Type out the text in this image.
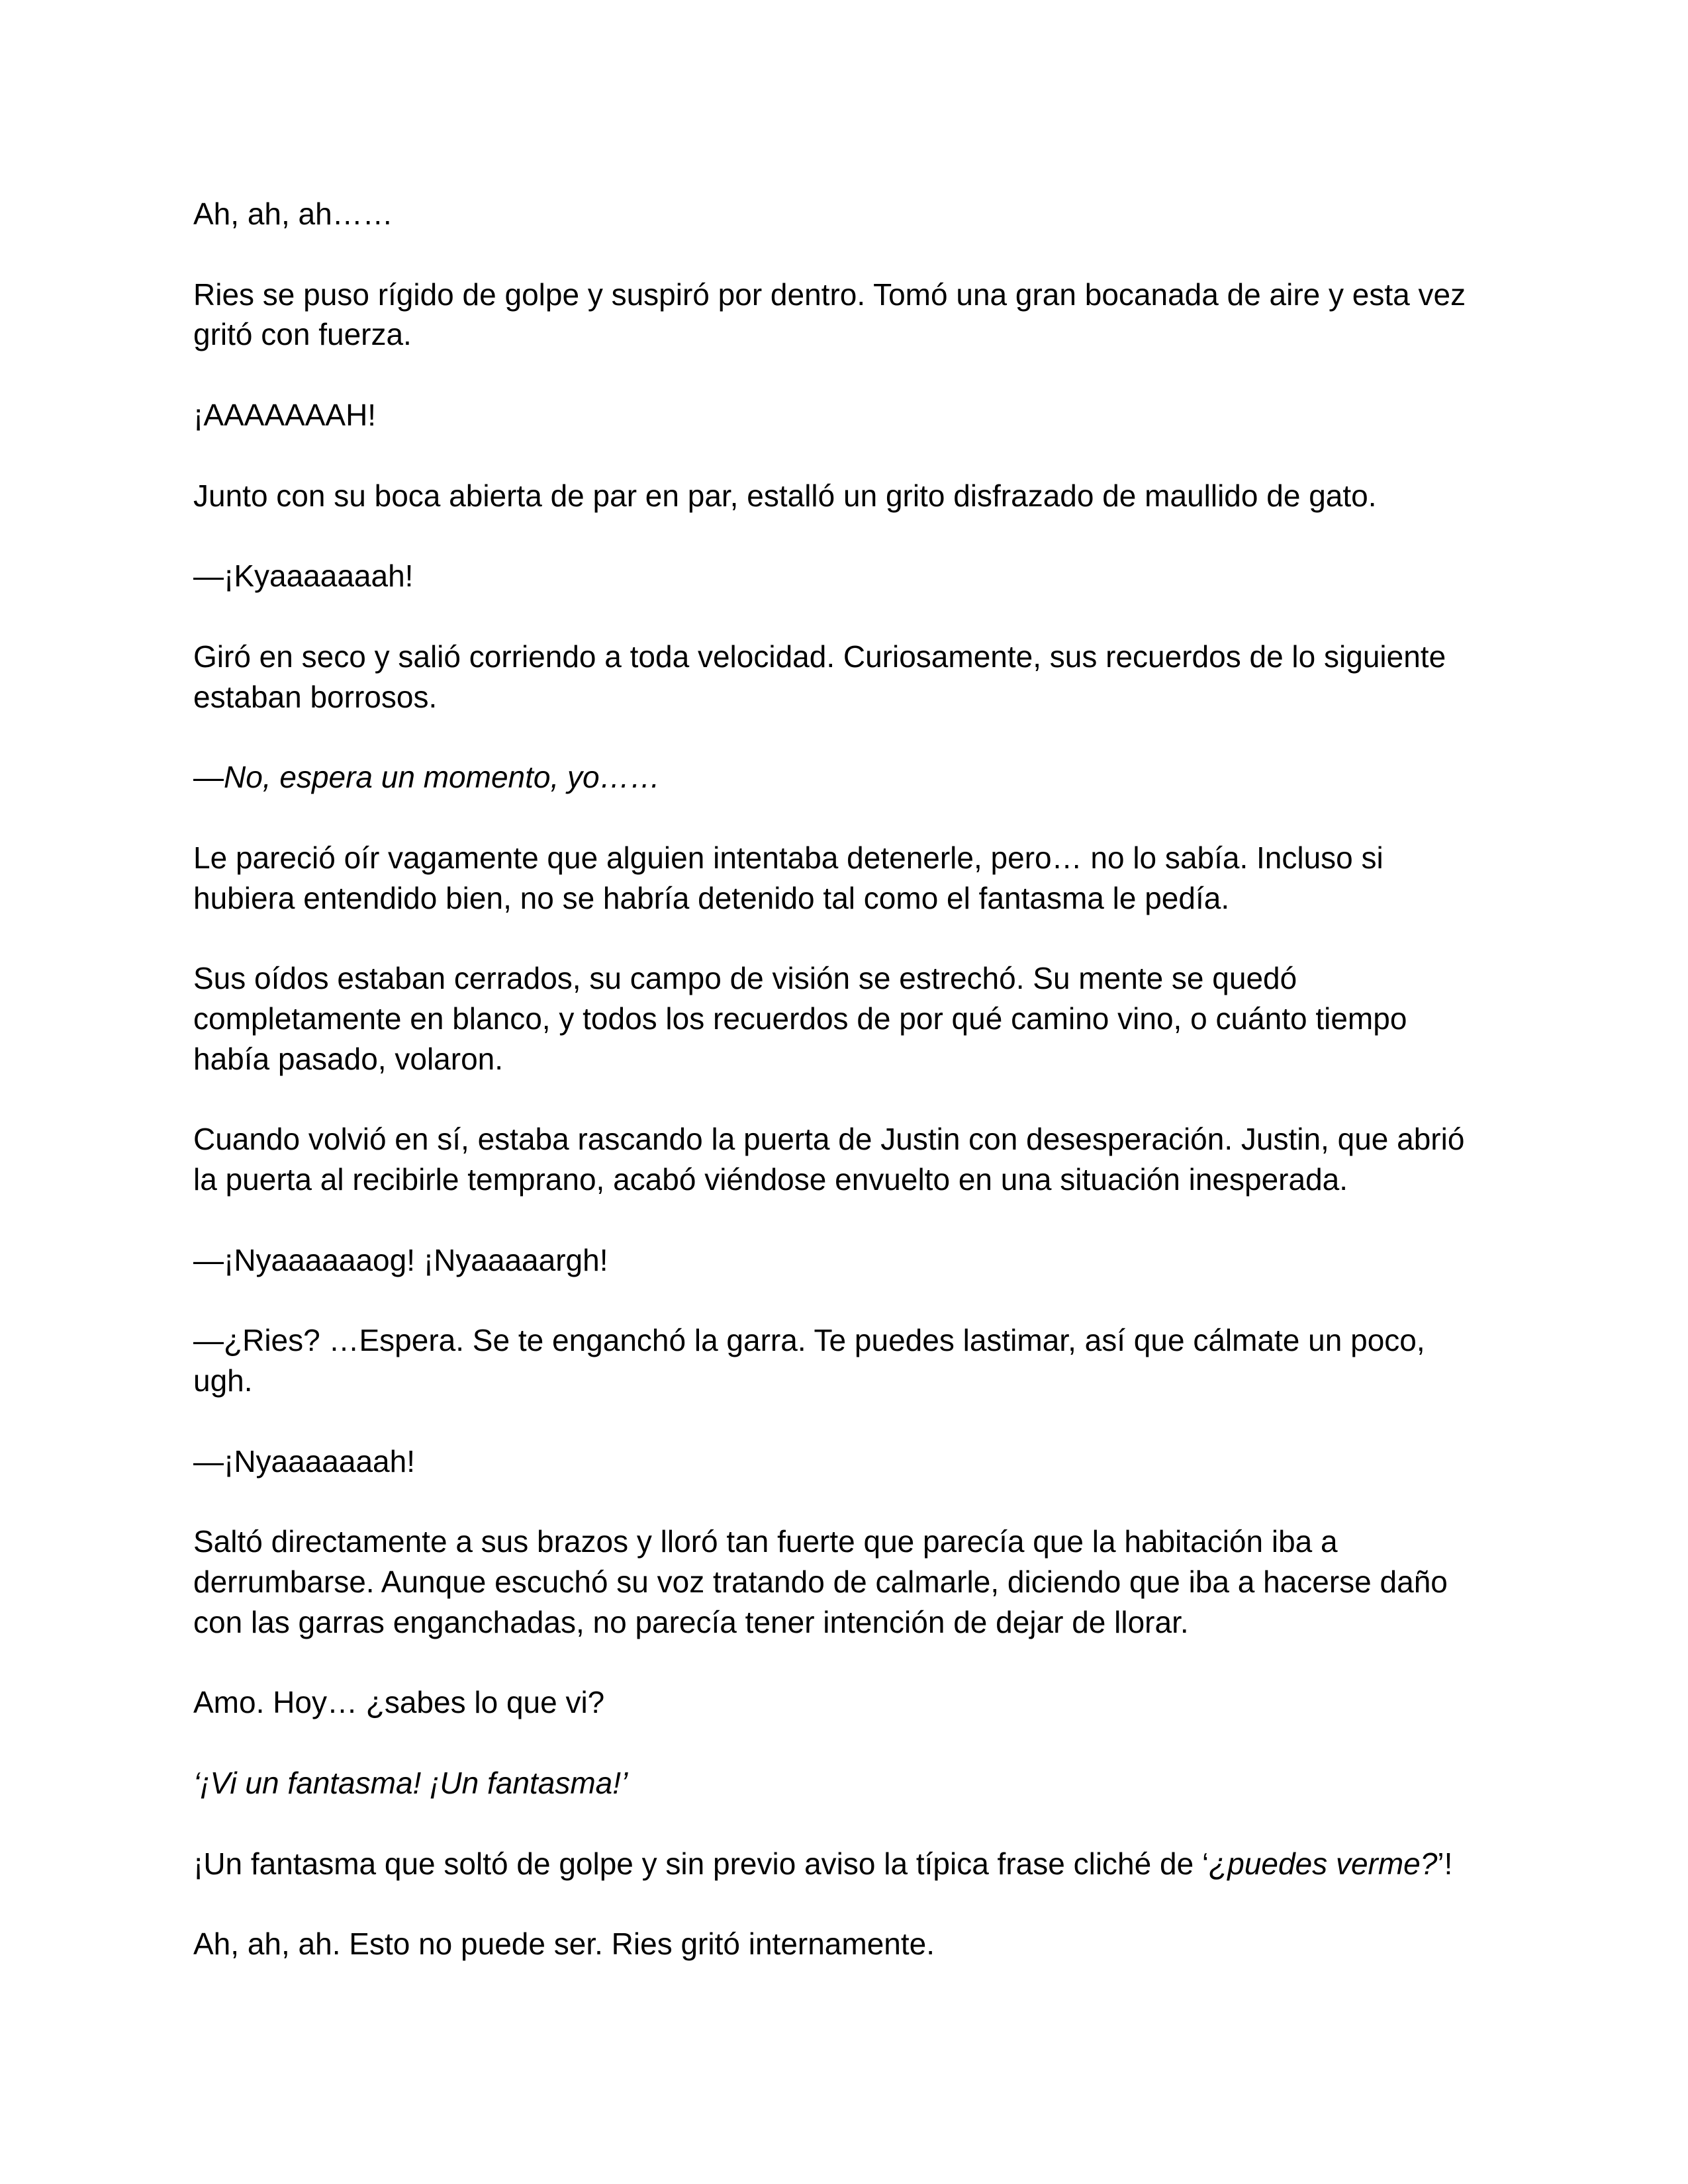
Ah, ah, ah……
Ries se puso rígido de golpe y suspiró por dentro. Tomó una gran bocanada de aire y esta vez
gritó con fuerza.
¡AAAAAAAH!
Junto con su boca abierta de par en par, estalló un grito disfrazado de maullido de gato.
—¡Kyaaaaaaah!
Giró en seco y salió corriendo a toda velocidad. Curiosamente, sus recuerdos de lo siguiente
estaban borrosos.
—No, espera un momento, yo……
Le pareció oír vagamente que alguien intentaba detenerle, pero… no lo sabía. Incluso si
hubiera entendido bien, no se habría detenido tal como el fantasma le pedía.
Sus oídos estaban cerrados, su campo de visión se estrechó. Su mente se quedó
completamente en blanco, y todos los recuerdos de por qué camino vino, o cuánto tiempo
había pasado, volaron.
Cuando volvió en sí, estaba rascando la puerta de Justin con desesperación. Justin, que abrió
la puerta al recibirle temprano, acabó viéndose envuelto en una situación inesperada.
—¡Nyaaaaaaog! ¡Nyaaaaargh!
—¿Ries? …Espera. Se te enganchó la garra. Te puedes lastimar, así que cálmate un poco,
ugh.
—¡Nyaaaaaaah!
Saltó directamente a sus brazos y lloró tan fuerte que parecía que la habitación iba a
derrumbarse. Aunque escuchó su voz tratando de calmarle, diciendo que iba a hacerse daño
con las garras enganchadas, no parecía tener intención de dejar de llorar.
Amo. Hoy… ¿sabes lo que vi?
‘¡Vi un fantasma! ¡Un fantasma!’
¡Un fantasma que soltó de golpe y sin previo aviso la típica frase cliché de ‘¿puedes verme?’!
Ah, ah, ah. Esto no puede ser. Ries gritó internamente.
